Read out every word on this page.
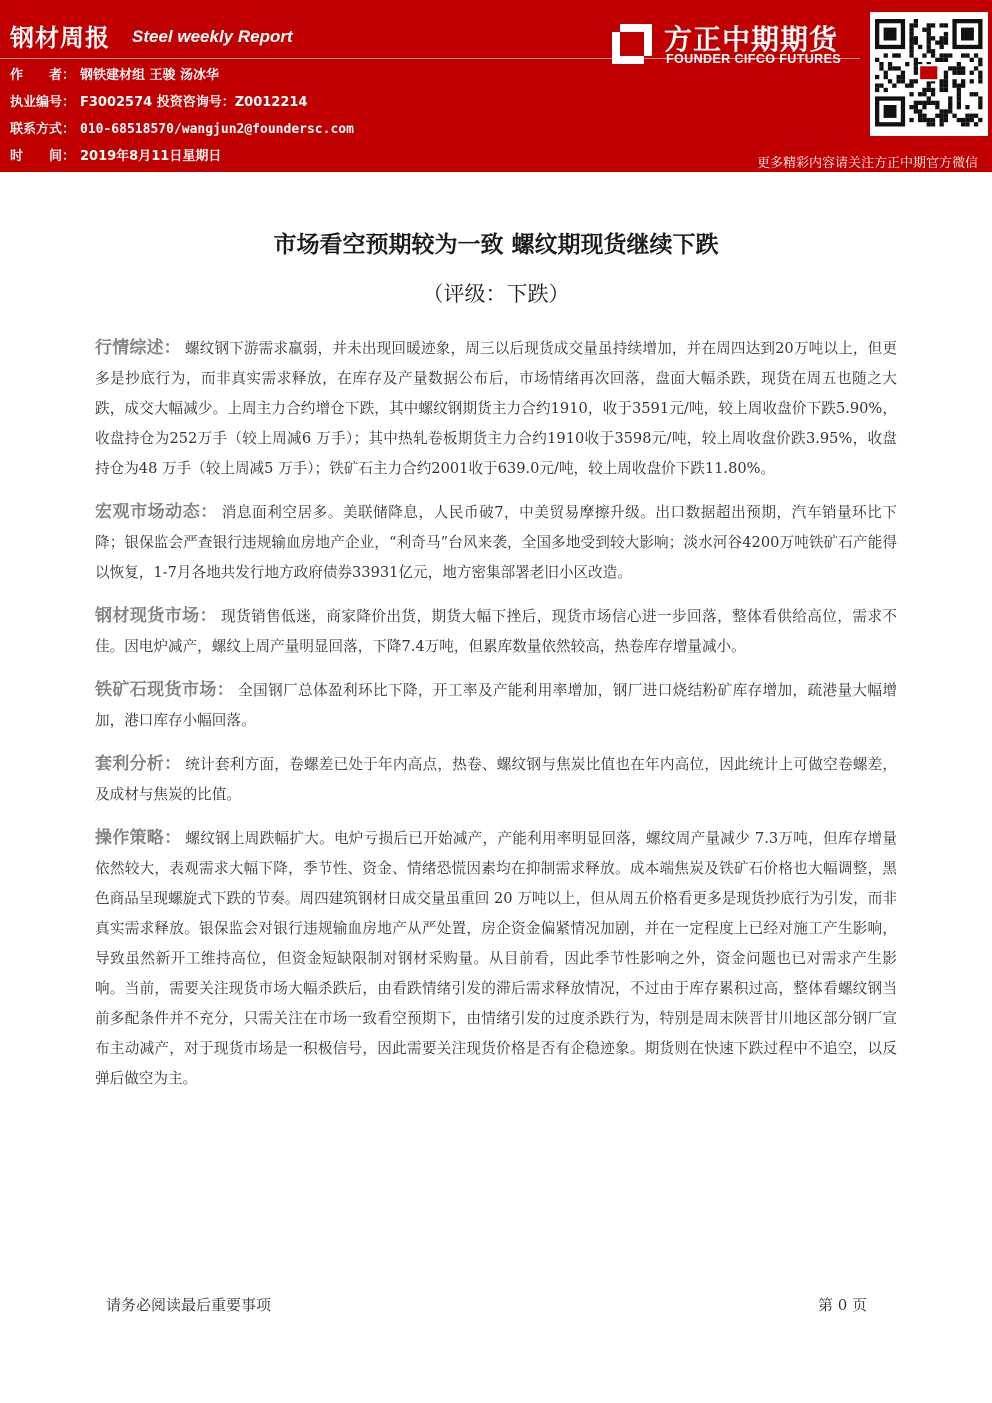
钢材周报 Steel weekly Report
作　　者： 钢铁建材组 王骏 汤冰华
执业编号： F3002574 投资咨询号：Z0012214
联系方式： 010-68518570/wangjun2@foundersc.com
时　　间： 2019年8月11日星期日
方正中期期货
FOUNDER CIFCO FUTURES
更多精彩内容请关注方正中期官方微信
市场看空预期较为一致 螺纹期现货继续下跌
（评级：下跌）

行情综述： 螺纹钢下游需求羸弱，并未出现回暖迹象，周三以后现货成交量虽持续增加，并在周四达到20万吨以上，但更多是抄底行为，而非真实需求释放，在库存及产量数据公布后，市场情绪再次回落，盘面大幅杀跌，现货在周五也随之大跌，成交大幅减少。上周主力合约增仓下跌，其中螺纹钢期货主力合约1910，收于3591元/吨，较上周收盘价下跌5.90%，收盘持仓为252万手（较上周减6 万手）；其中热轧卷板期货主力合约1910收于3598元/吨，较上周收盘价跌3.95%，收盘持仓为48 万手（较上周减5 万手）；铁矿石主力合约2001收于639.0元/吨，较上周收盘价下跌11.80%。

宏观市场动态： 消息面利空居多。美联储降息，人民币破7，中美贸易摩擦升级。出口数据超出预期，汽车销量环比下降；银保监会严查银行违规输血房地产企业，“利奇马”台风来袭，全国多地受到较大影响；淡水河谷4200万吨铁矿石产能得以恢复，1-7月各地共发行地方政府债券33931亿元，地方密集部署老旧小区改造。

钢材现货市场： 现货销售低迷，商家降价出货，期货大幅下挫后，现货市场信心进一步回落，整体看供给高位，需求不佳。因电炉减产，螺纹上周产量明显回落，下降7.4万吨，但累库数量依然较高，热卷库存增量减小。

铁矿石现货市场： 全国钢厂总体盈利环比下降，开工率及产能利用率增加，钢厂进口烧结粉矿库存增加，疏港量大幅增加，港口库存小幅回落。

套利分析： 统计套利方面，卷螺差已处于年内高点，热卷、螺纹钢与焦炭比值也在年内高位，因此统计上可做空卷螺差，及成材与焦炭的比值。

操作策略： 螺纹钢上周跌幅扩大。电炉亏损后已开始减产，产能利用率明显回落，螺纹周产量减少 7.3万吨，但库存增量依然较大，表观需求大幅下降，季节性、资金、情绪恐慌因素均在抑制需求释放。成本端焦炭及铁矿石价格也大幅调整，黑色商品呈现螺旋式下跌的节奏。周四建筑钢材日成交量虽重回 20 万吨以上，但从周五价格看更多是现货抄底行为引发，而非真实需求释放。银保监会对银行违规输血房地产从严处置，房企资金偏紧情况加剧，并在一定程度上已经对施工产生影响，导致虽然新开工维持高位，但资金短缺限制对钢材采购量。从目前看，因此季节性影响之外，资金问题也已对需求产生影响。当前，需要关注现货市场大幅杀跌后，由看跌情绪引发的滞后需求释放情况，不过由于库存累积过高，整体看螺纹钢当前多配条件并不充分，只需关注在市场一致看空预期下，由情绪引发的过度杀跌行为，特别是周末陕晋甘川地区部分钢厂宣布主动减产，对于现货市场是一积极信号，因此需要关注现货价格是否有企稳迹象。期货则在快速下跌过程中不追空，以反弹后做空为主。

请务必阅读最后重要事项	第 0 页
